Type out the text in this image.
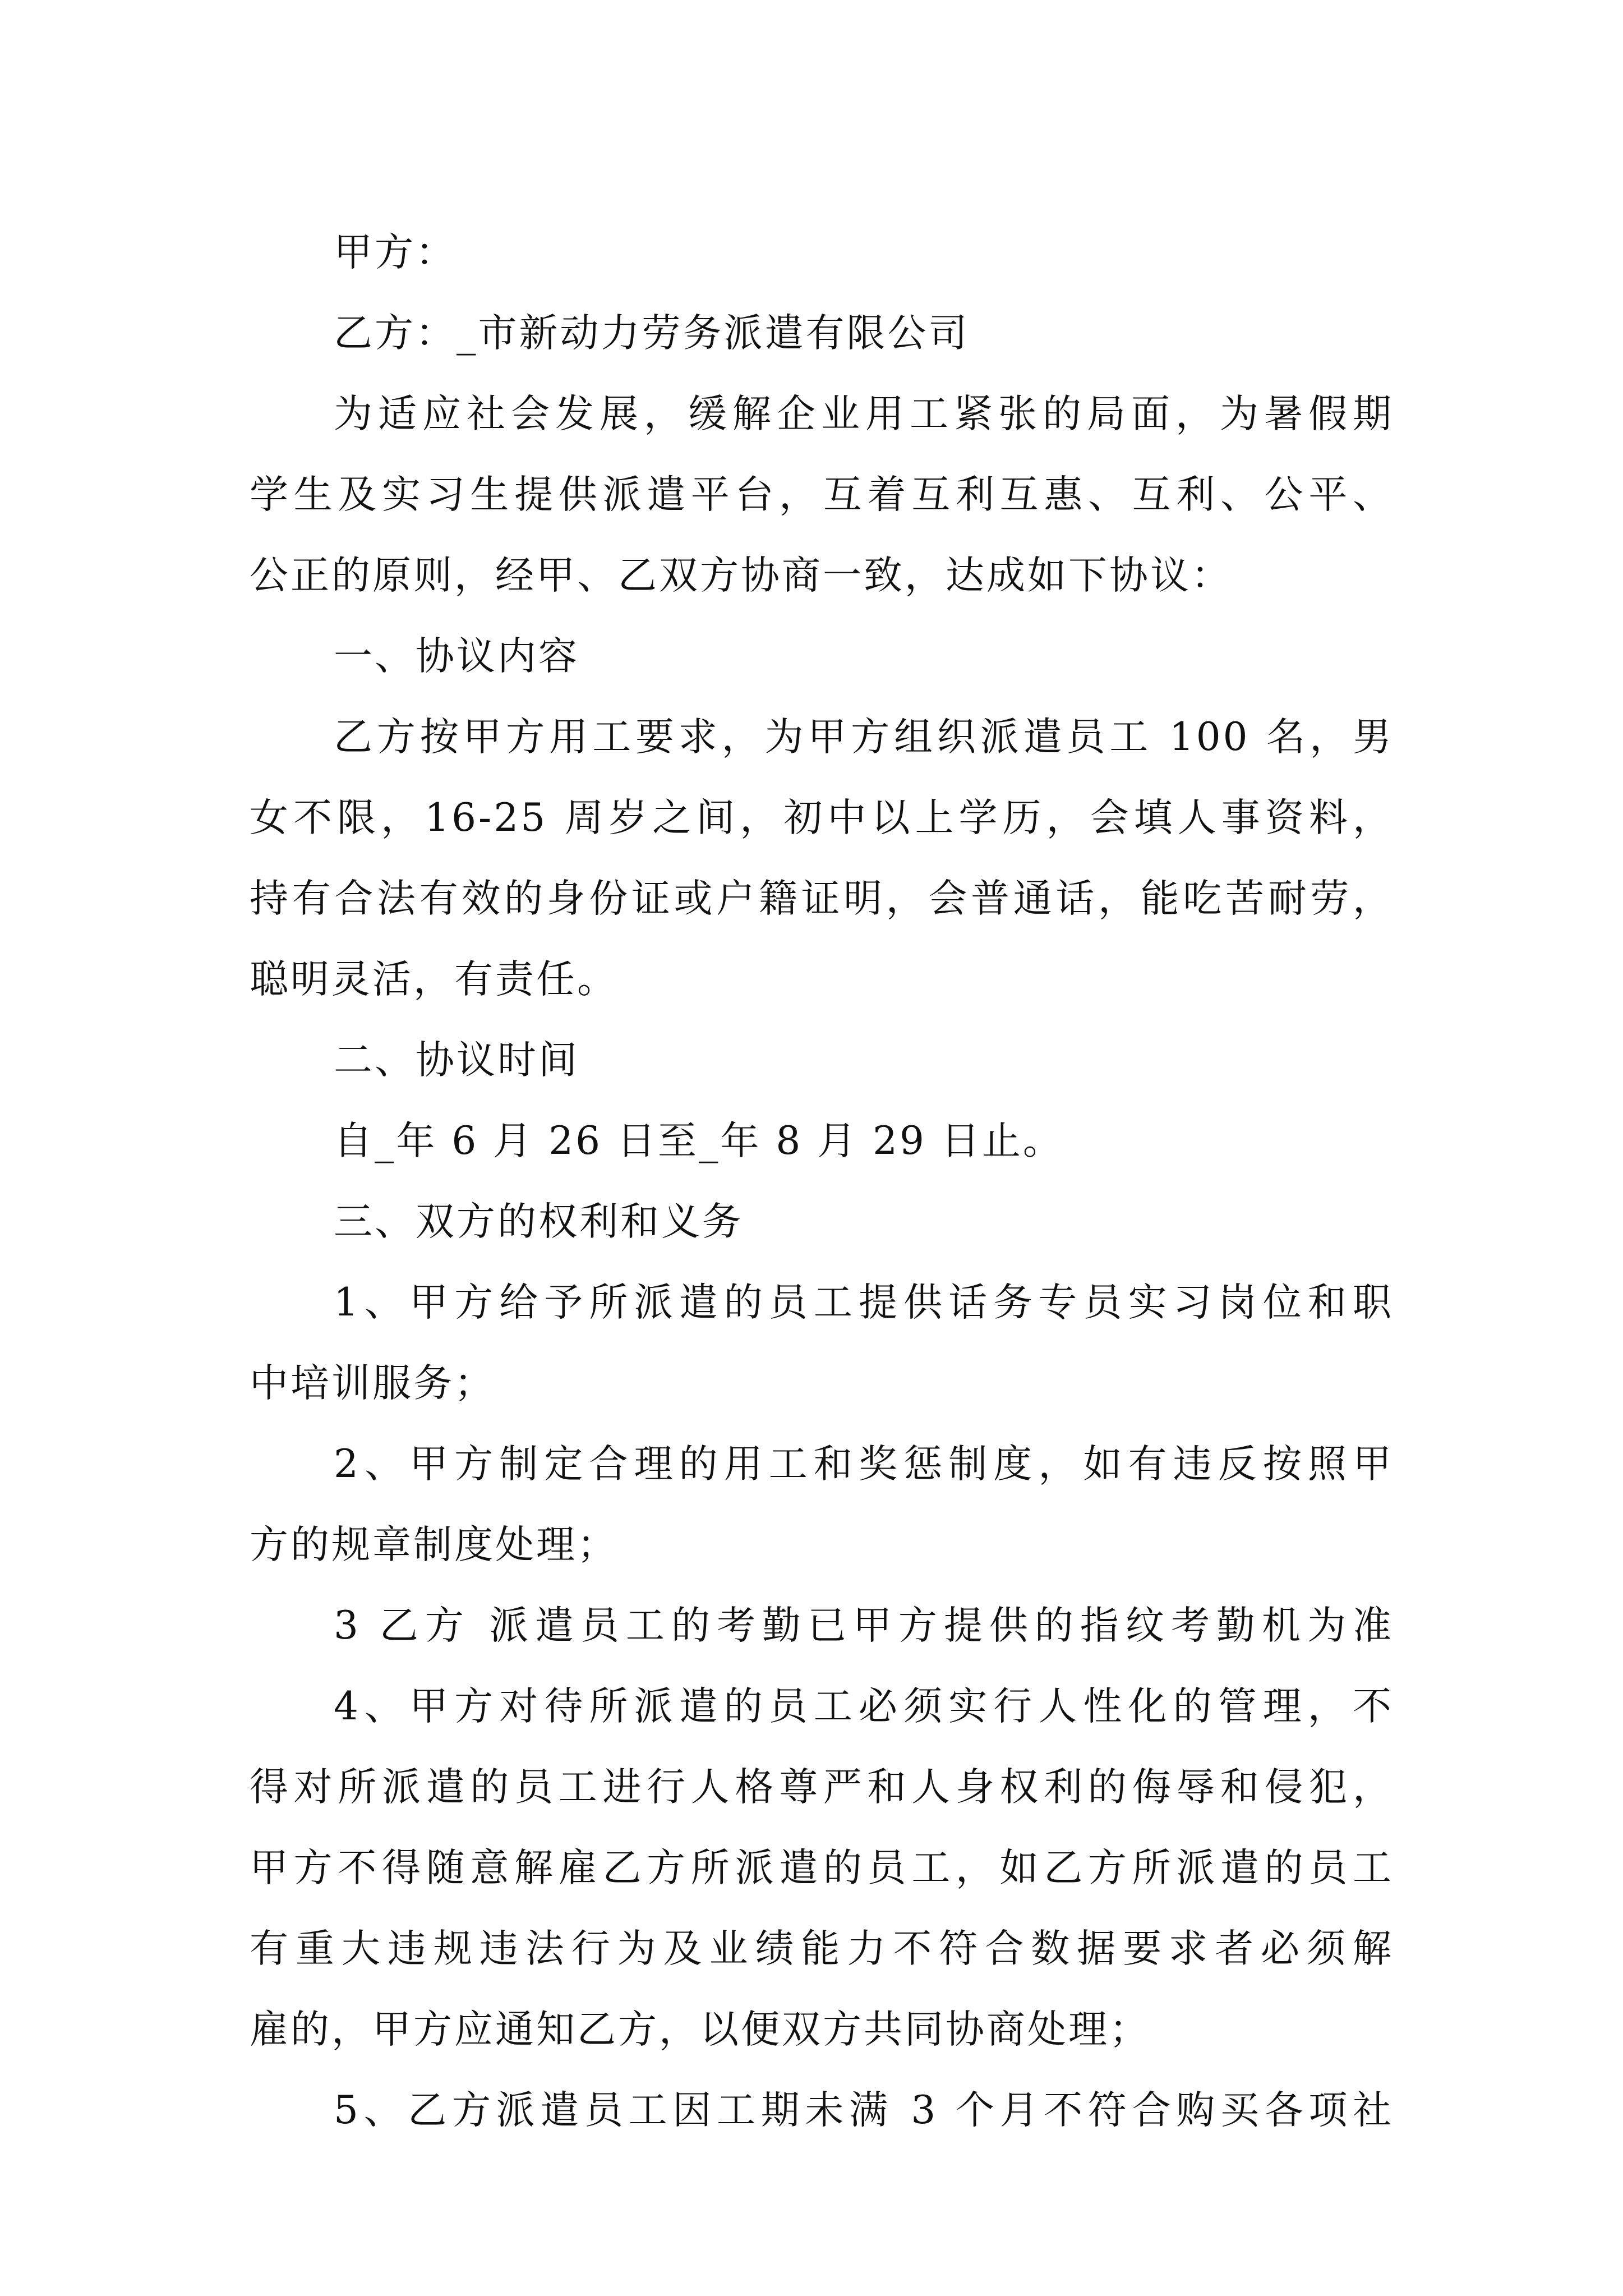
甲方：
乙方：_市新动力劳务派遣有限公司
为适应社会发展，缓解企业用工紧张的局面，为暑假期
学生及实习生提供派遣平台，互着互利互惠、互利、公平、
公正的原则，经甲、乙双方协商一致，达成如下协议：
一、协议内容
乙方按甲方用工要求，为甲方组织派遣员工 100 名，男
女不限，16-25 周岁之间，初中以上学历，会填人事资料，
持有合法有效的身份证或户籍证明，会普通话，能吃苦耐劳，
聪明灵活，有责任。
二、协议时间
自_年 6 月 26 日至_年 8 月 29 日止。
三、双方的权利和义务
1、甲方给予所派遣的员工提供话务专员实习岗位和职
中培训服务；
2、甲方制定合理的用工和奖惩制度，如有违反按照甲
方的规章制度处理；
3 乙方 派遣员工的考勤已甲方提供的指纹考勤机为准
4、甲方对待所派遣的员工必须实行人性化的管理，不
得对所派遣的员工进行人格尊严和人身权利的侮辱和侵犯，
甲方不得随意解雇乙方所派遣的员工，如乙方所派遣的员工
有重大违规违法行为及业绩能力不符合数据要求者必须解
雇的，甲方应通知乙方，以便双方共同协商处理；
5、乙方派遣员工因工期未满 3 个月不符合购买各项社
